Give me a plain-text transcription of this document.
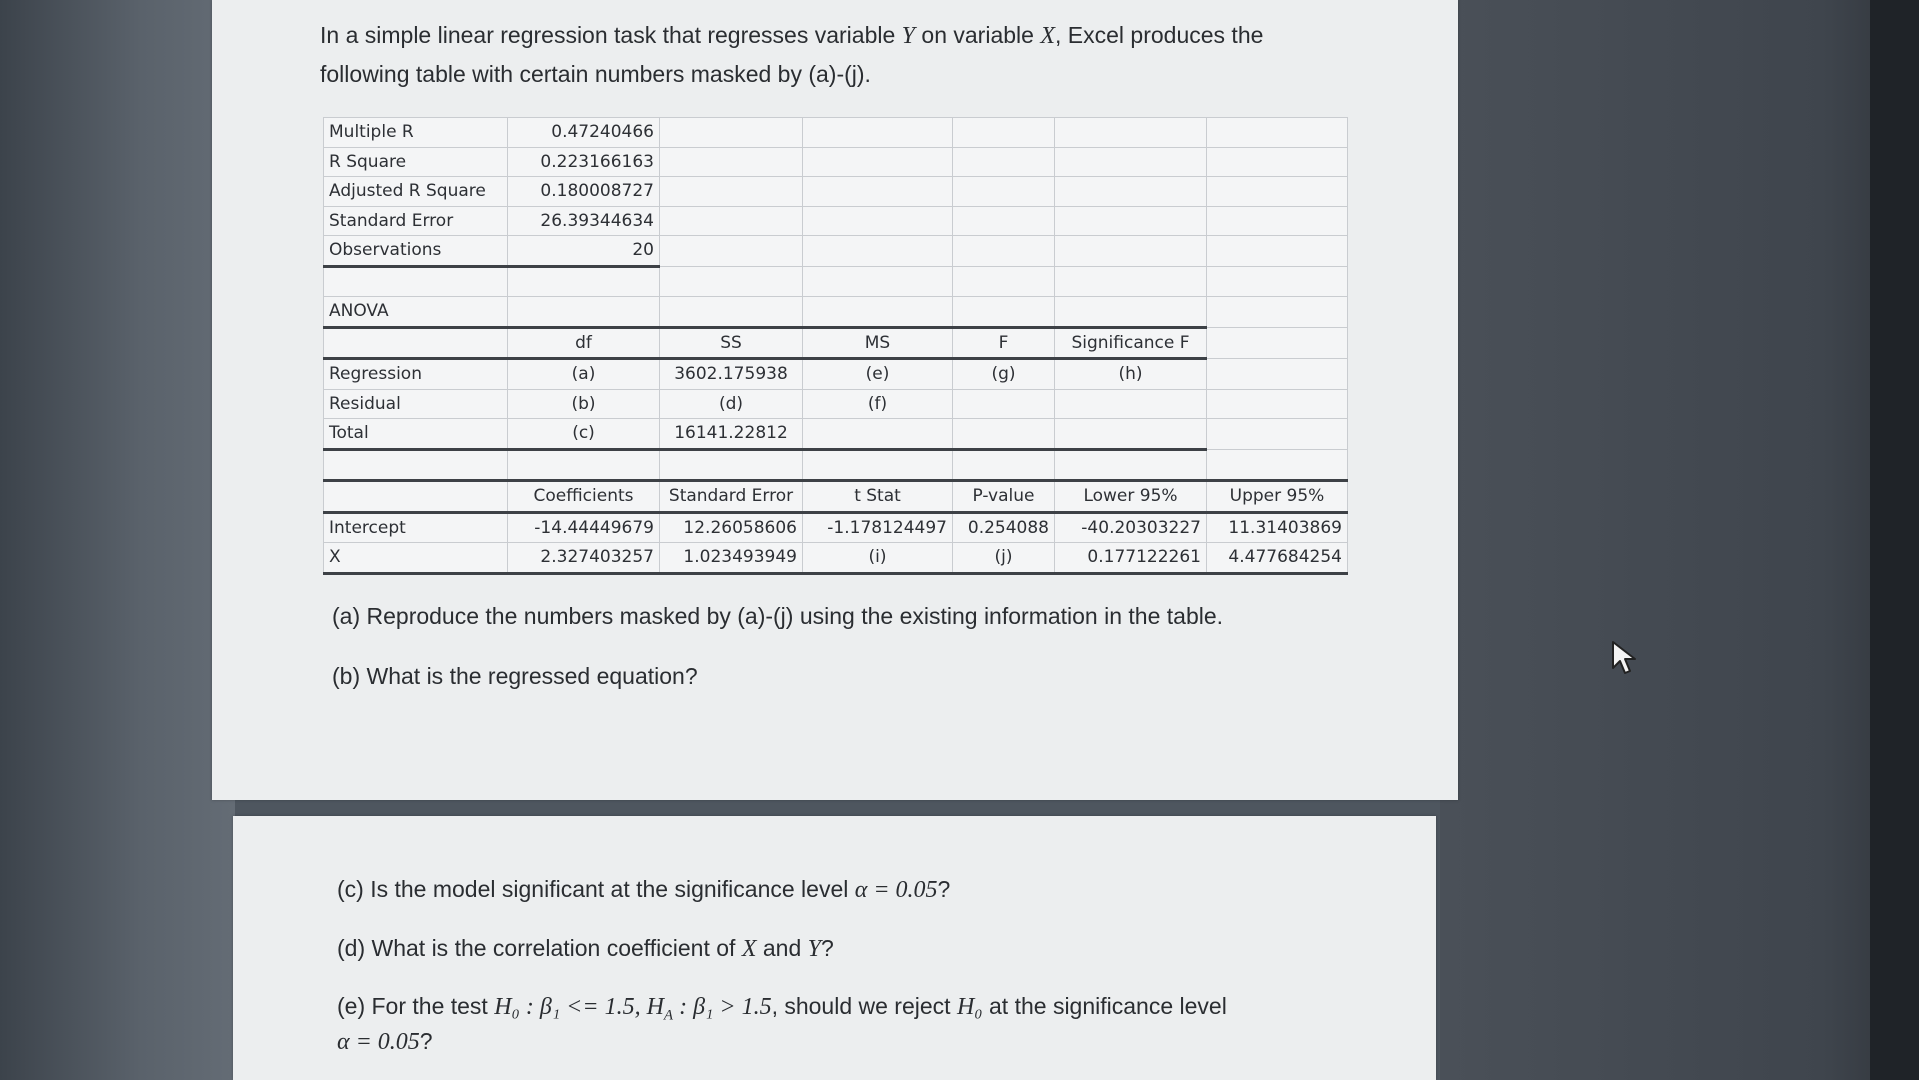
In a simple linear regression task that regresses variable Y on variable X, Excel produces the
following table with certain numbers masked by (a)-(j).
Multiple R	0.47240466					
R Square	0.223166163					
Adjusted R Square	0.180008727					
Standard Error	26.39344634					
Observations	20					

ANOVA						
	df	SS	MS	F	Significance F	
Regression	(a)	3602.175938	(e)	(g)	(h)	
Residual	(b)	(d)	(f)			
Total	(c)	16141.22812				

	Coefficients	Standard Error	t Stat	P-value	Lower 95%	Upper 95%
Intercept	-14.44449679	12.26058606	-1.178124497	0.254088	-40.20303227	11.31403869
X	2.327403257	1.023493949	(i)	(j)	0.177122261	4.477684254
(a) Reproduce the numbers masked by (a)-(j) using the existing information in the table.
(b) What is the regressed equation?
(c) Is the model significant at the significance level α = 0.05?
(d) What is the correlation coefficient of X and Y?
(e) For the test H₀ : β₁ <= 1.5, $H_A$ : β₁ > 1.5, should we reject H₀ at the significance level
α = 0.05?
